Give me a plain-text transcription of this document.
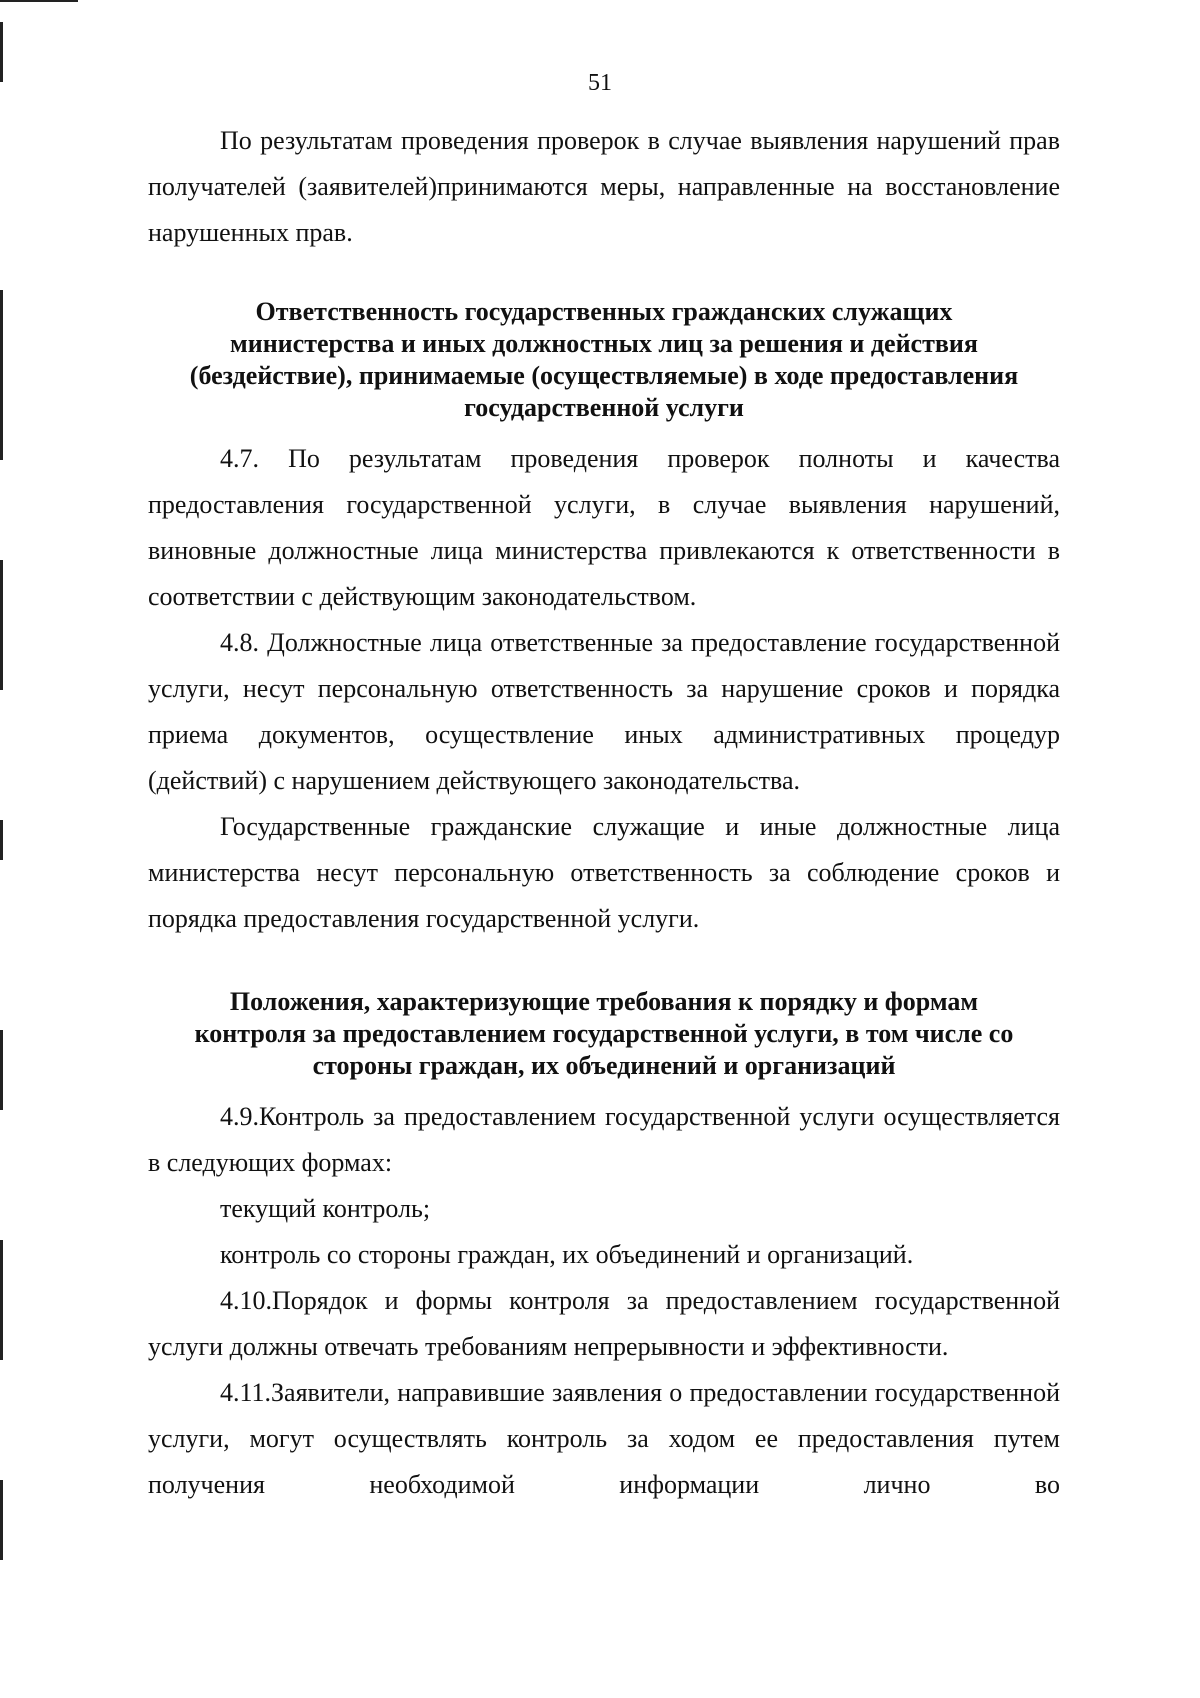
51

По результатам проведения проверок в случае выявления нарушений прав получателей (заявителей)принимаются меры, направленные на восстановление нарушенных прав.

Ответственность государственных гражданских служащих министерства и иных должностных лиц за решения и действия (бездействие), принимаемые (осуществляемые) в ходе предоставления государственной услуги

4.7. По результатам проведения проверок полноты и качества предоставления государственной услуги, в случае выявления нарушений, виновные должностные лица министерства привлекаются к ответственности в соответствии с действующим законодательством.

4.8. Должностные лица ответственные за предоставление государственной услуги, несут персональную ответственность за нарушение сроков и порядка приема документов, осуществление иных административных процедур (действий) с нарушением действующего законодательства.

Государственные гражданские служащие и иные должностные лица министерства несут персональную ответственность за соблюдение сроков и порядка предоставления государственной услуги.

Положения, характеризующие требования к порядку и формам контроля за предоставлением государственной услуги, в том числе со стороны граждан, их объединений и организаций

4.9.Контроль за предоставлением государственной услуги осуществляется в следующих формах:

текущий контроль;

контроль со стороны граждан, их объединений и организаций.

4.10.Порядок и формы контроля за предоставлением государственной услуги должны отвечать требованиям непрерывности и эффективности.

4.11.Заявители, направившие заявления о предоставлении государственной услуги, могут осуществлять контроль за ходом ее предоставления путем получения необходимой информации лично во
